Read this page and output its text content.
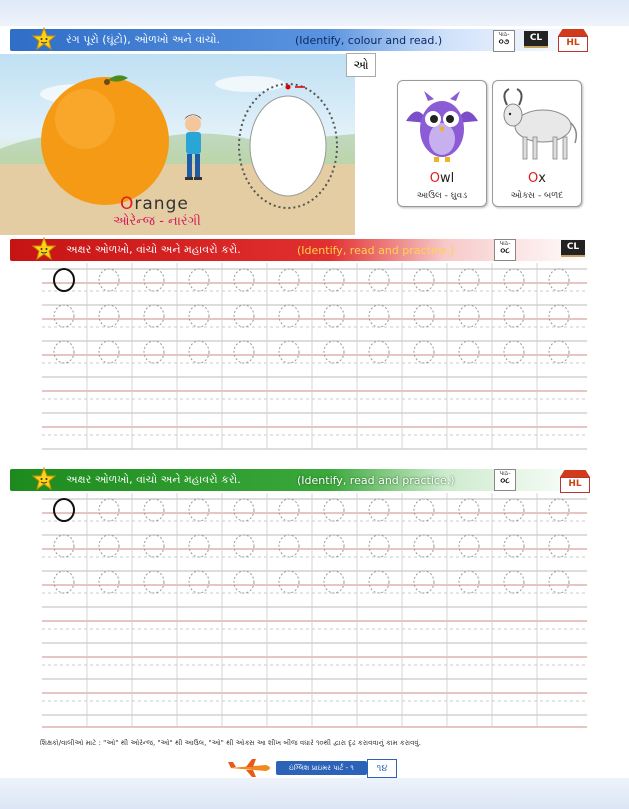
રંગ પૂરો (ઘૂંટો), ઓળખો અને વાંચો.	(Identify, colour and read.)	પાઠ-
૦૭	CL	HL
Orange
ઓરેન્જ - નારંગી
ઓ
Owl
આઉલ - ઘુવડ
Ox
ઓક્સ - બળદ
અક્ષર ઓળખો, વાંચો અને મહાવરો કરો.	(Identify, read and practice.)	પાઠ-
૦૮	CL
અક્ષર ઓળખો, વાંચો અને મહાવરો કરો.	(Identify, read and practice.)	પાઠ-
૦૮	HL
શિક્ષકો/વાલીઓ માટે : "ઓ" થી ઓરેન્જ, "ઓ" થી આઉલ, "ઓ" થી ઓક્સ આ શીખ બીજ વધારે ૧૦થી દ્વારા દૃઢ કરાવવાનું કામ કરાવવું.
ઇંગ્લિશ પ્રાઇમર પાર્ટ - ૧	૧૪
